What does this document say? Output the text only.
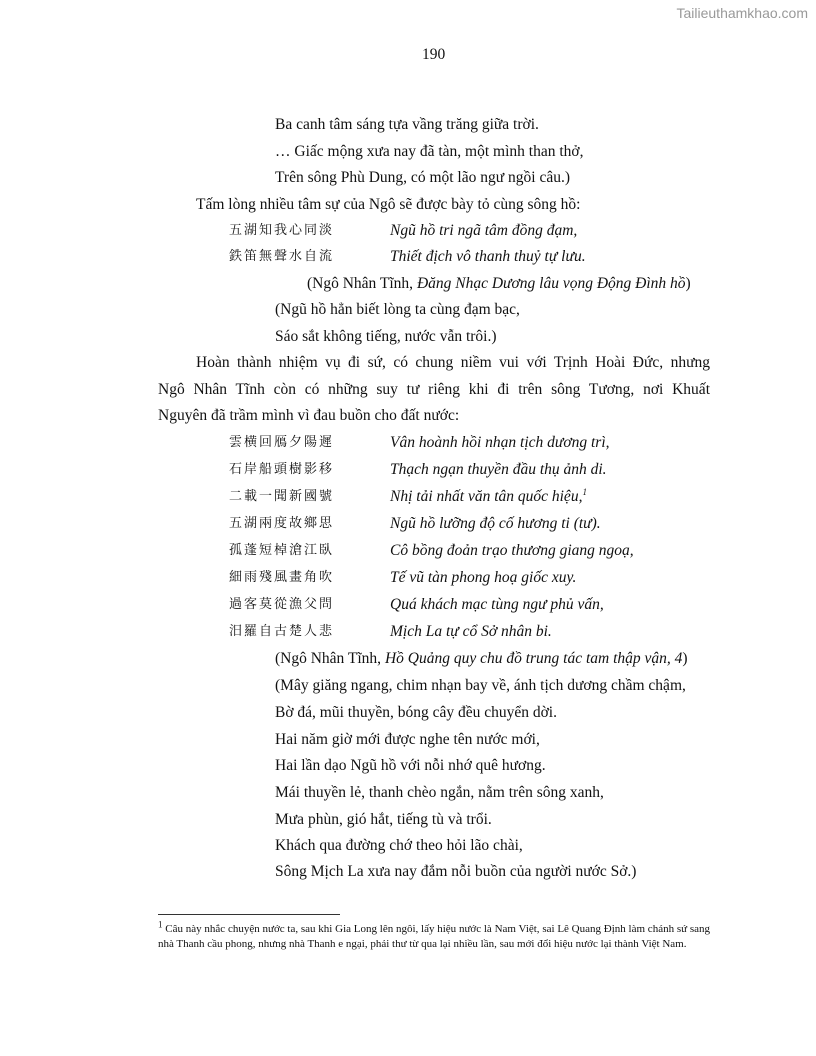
Tailieuthamkhao.com
190
Ba canh tâm sáng tựa vầng trăng giữa trời.
… Giấc mộng xưa nay đã tàn, một mình than thở,
Trên sông Phù Dung, có một lão ngư ngồi câu.)
Tấm lòng nhiều tâm sự của Ngô sẽ được bày tỏ cùng sông hồ:
五湖知我心同淡	Ngũ hồ tri ngã tâm đồng đạm,
鉄笛無聲水自流	Thiết địch vô thanh thuỷ tự lưu.
(Ngô Nhân Tĩnh, Đăng Nhạc Dương lâu vọng Động Đình hồ)
(Ngũ hồ hẳn biết lòng ta cùng đạm bạc,
Sáo sắt không tiếng, nước vẫn trôi.)
Hoàn thành nhiệm vụ đi sứ, có chung niềm vui với Trịnh Hoài Đức, nhưng
Ngô Nhân Tĩnh còn có những suy tư riêng khi đi trên sông Tương, nơi Khuất
Nguyên đã trầm mình vì đau buồn cho đất nước:
雲横回鴈夕陽遲	Vân hoành hồi nhạn tịch dương trì,
石岸船頭樹影移	Thạch ngạn thuyền đầu thụ ảnh di.
二載一聞新國號	Nhị tải nhất văn tân quốc hiệu,$^1$
五湖兩度故鄉思	Ngũ hồ lưỡng độ cố hương ti (tư).
孤蓬短棹滄江臥	Cô bồng đoản trạo thương giang ngoạ,
細雨殘風畫角吹	Tế vũ tàn phong hoạ giốc xuy.
過客莫從漁父問	Quá khách mạc tùng ngư phủ vấn,
汨羅自古楚人悲	Mịch La tự cổ Sở nhân bi.
(Ngô Nhân Tĩnh, Hồ Quảng quy chu đồ trung tác tam thập vận, 4)
(Mây giăng ngang, chim nhạn bay về, ánh tịch dương chầm chậm,
Bờ đá, mũi thuyền, bóng cây đều chuyển dời.
Hai năm giờ mới được nghe tên nước mới,
Hai lần dạo Ngũ hồ với nỗi nhớ quê hương.
Mái thuyền lẻ, thanh chèo ngắn, nằm trên sông xanh,
Mưa phùn, gió hắt, tiếng tù và trổi.
Khách qua đường chớ theo hỏi lão chài,
Sông Mịch La xưa nay đắm nỗi buồn của người nước Sở.)
$^1$ Câu này nhắc chuyện nước ta, sau khi Gia Long lên ngôi, lấy hiệu nước là Nam Việt, sai Lê Quang Định làm chánh sứ sang nhà Thanh cầu phong, nhưng nhà Thanh e ngại, phải thư từ qua lại nhiều lần, sau mới đổi hiệu nước lại thành Việt Nam.
